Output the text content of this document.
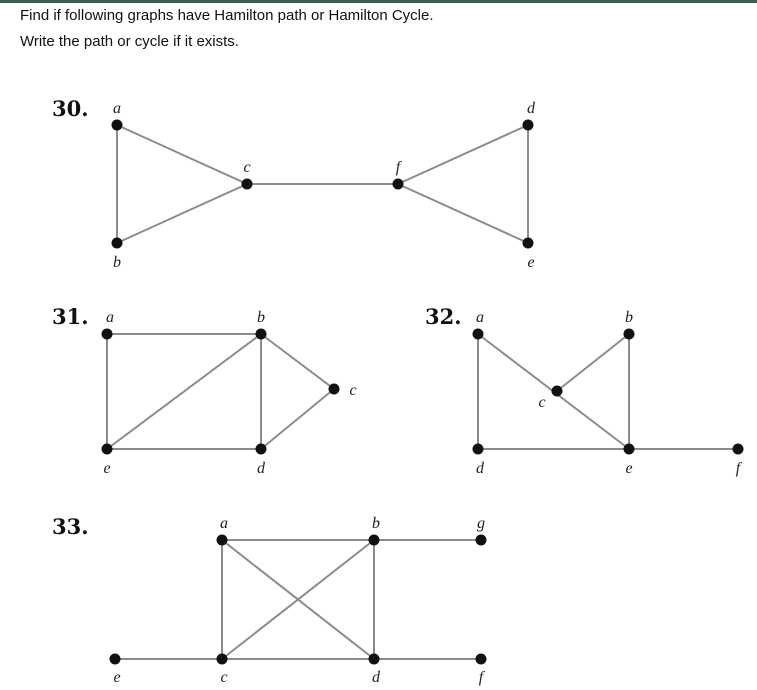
Find if following graphs have Hamilton path or Hamilton Cycle.
Write the path or cycle if it exists.
30. a
b
c	f
d
e
31. a	b
c
d
e
32. a	b
c
d	e	f
33.	a	b	g
e	c	d	f
